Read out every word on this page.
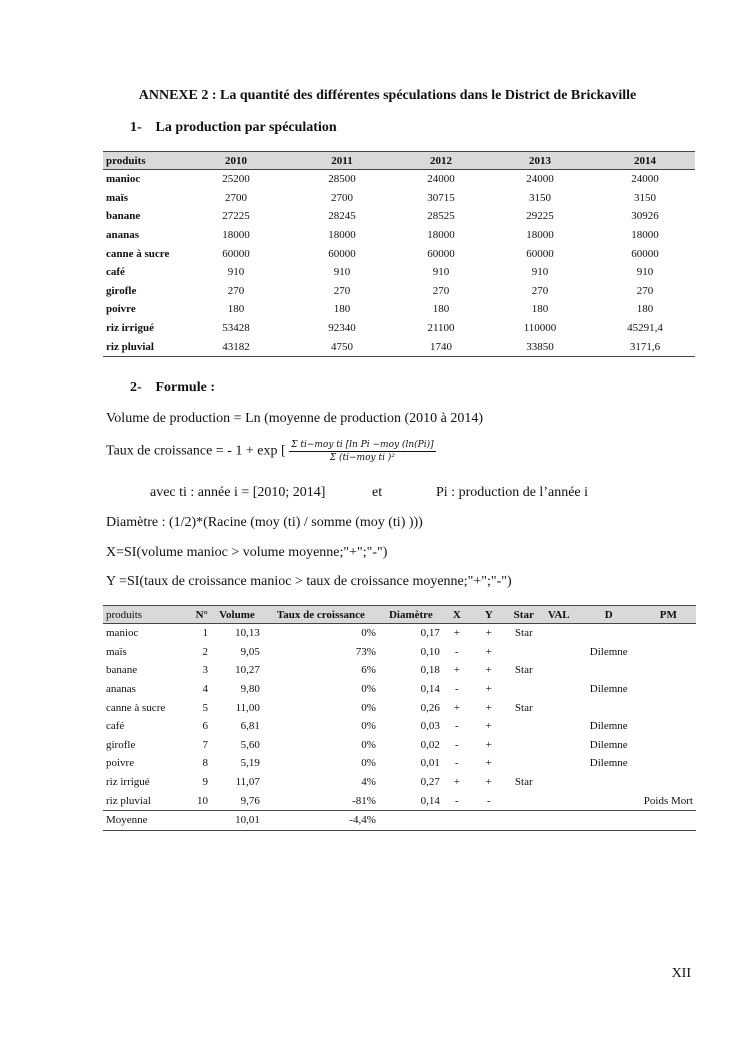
ANNEXE 2 : La quantité des différentes spéculations dans le District de Brickaville
1- La production par spéculation
produits	2010	2011	2012	2013	2014
manioc	25200	28500	24000	24000	24000
maïs	2700	2700	30715	3150	3150
banane	27225	28245	28525	29225	30926
ananas	18000	18000	18000	18000	18000
canne à sucre	60000	60000	60000	60000	60000
café	910	910	910	910	910
girofle	270	270	270	270	270
poivre	180	180	180	180	180
riz irrigué	53428	92340	21100	110000	45291,4
riz pluvial	43182	4750	1740	33850	3171,6
2- Formule :
Volume de production = Ln (moyenne de production (2010 à 2014)
Taux de croissance = - 1 + exp [ $\frac{\text{Σ ti−moy ti [ln Pi −moy (ln(Pi)]}}{\text{Σ (ti−moy ti )²}}$
avec ti : année i = [2010; 2014]	et	Pi : production de l’année i
Diamètre : (1/2)*(Racine (moy (ti) / somme (moy (ti) )))
X=SI(volume manioc > volume moyenne;"+";"-")
Y =SI(taux de croissance manioc > taux de croissance moyenne;"+";"-")
produits	N°	Volume	Taux de croissance	Diamètre	X	Y	Star	VAL	D	PM
manioc	1	10,13	0%	0,17	+	+	Star			
maïs	2	9,05	73%	0,10	-	+			Dilemne	
banane	3	10,27	6%	0,18	+	+	Star			
ananas	4	9,80	0%	0,14	-	+			Dilemne	
canne à sucre	5	11,00	0%	0,26	+	+	Star			
café	6	6,81	0%	0,03	-	+			Dilemne	
girofle	7	5,60	0%	0,02	-	+			Dilemne	
poivre	8	5,19	0%	0,01	-	+			Dilemne	
riz irrigué	9	11,07	4%	0,27	+	+	Star			
riz pluvial	10	9,76	-81%	0,14	-	-				Poids Mort
Moyenne		10,01	-4,4%							
XII
